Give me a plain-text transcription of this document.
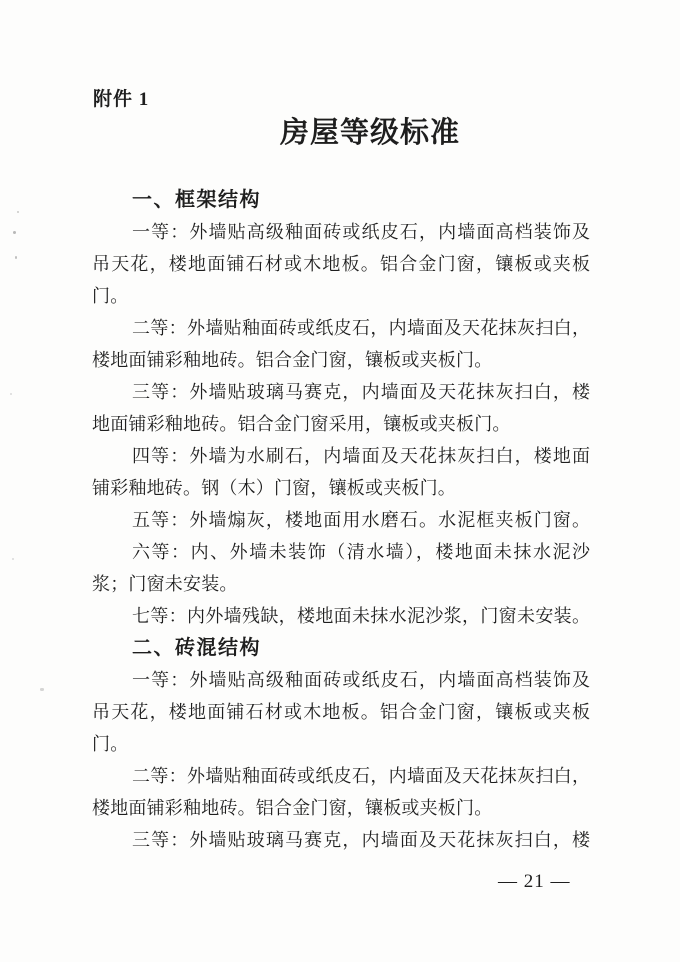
附件 1
房屋等级标准
一、框架结构
一等：外墙贴高级釉面砖或纸皮石，内墙面高档装饰及
吊天花，楼地面铺石材或木地板。铝合金门窗，镶板或夹板
门。
二等：外墙贴釉面砖或纸皮石，内墙面及天花抹灰扫白，
楼地面铺彩釉地砖。铝合金门窗，镶板或夹板门。
三等：外墙贴玻璃马赛克，内墙面及天花抹灰扫白，楼
地面铺彩釉地砖。铝合金门窗采用，镶板或夹板门。
四等：外墙为水刷石，内墙面及天花抹灰扫白，楼地面
铺彩釉地砖。钢（木）门窗，镶板或夹板门。
五等：外墙煽灰，楼地面用水磨石。水泥框夹板门窗。
六等：内、外墙未装饰（清水墙），楼地面未抹水泥沙
浆；门窗未安装。
七等：内外墙残缺，楼地面未抹水泥沙浆，门窗未安装。
二、砖混结构
一等：外墙贴高级釉面砖或纸皮石，内墙面高档装饰及
吊天花，楼地面铺石材或木地板。铝合金门窗，镶板或夹板
门。
二等：外墙贴釉面砖或纸皮石，内墙面及天花抹灰扫白，
楼地面铺彩釉地砖。铝合金门窗，镶板或夹板门。
三等：外墙贴玻璃马赛克，内墙面及天花抹灰扫白，楼
— 21 —
